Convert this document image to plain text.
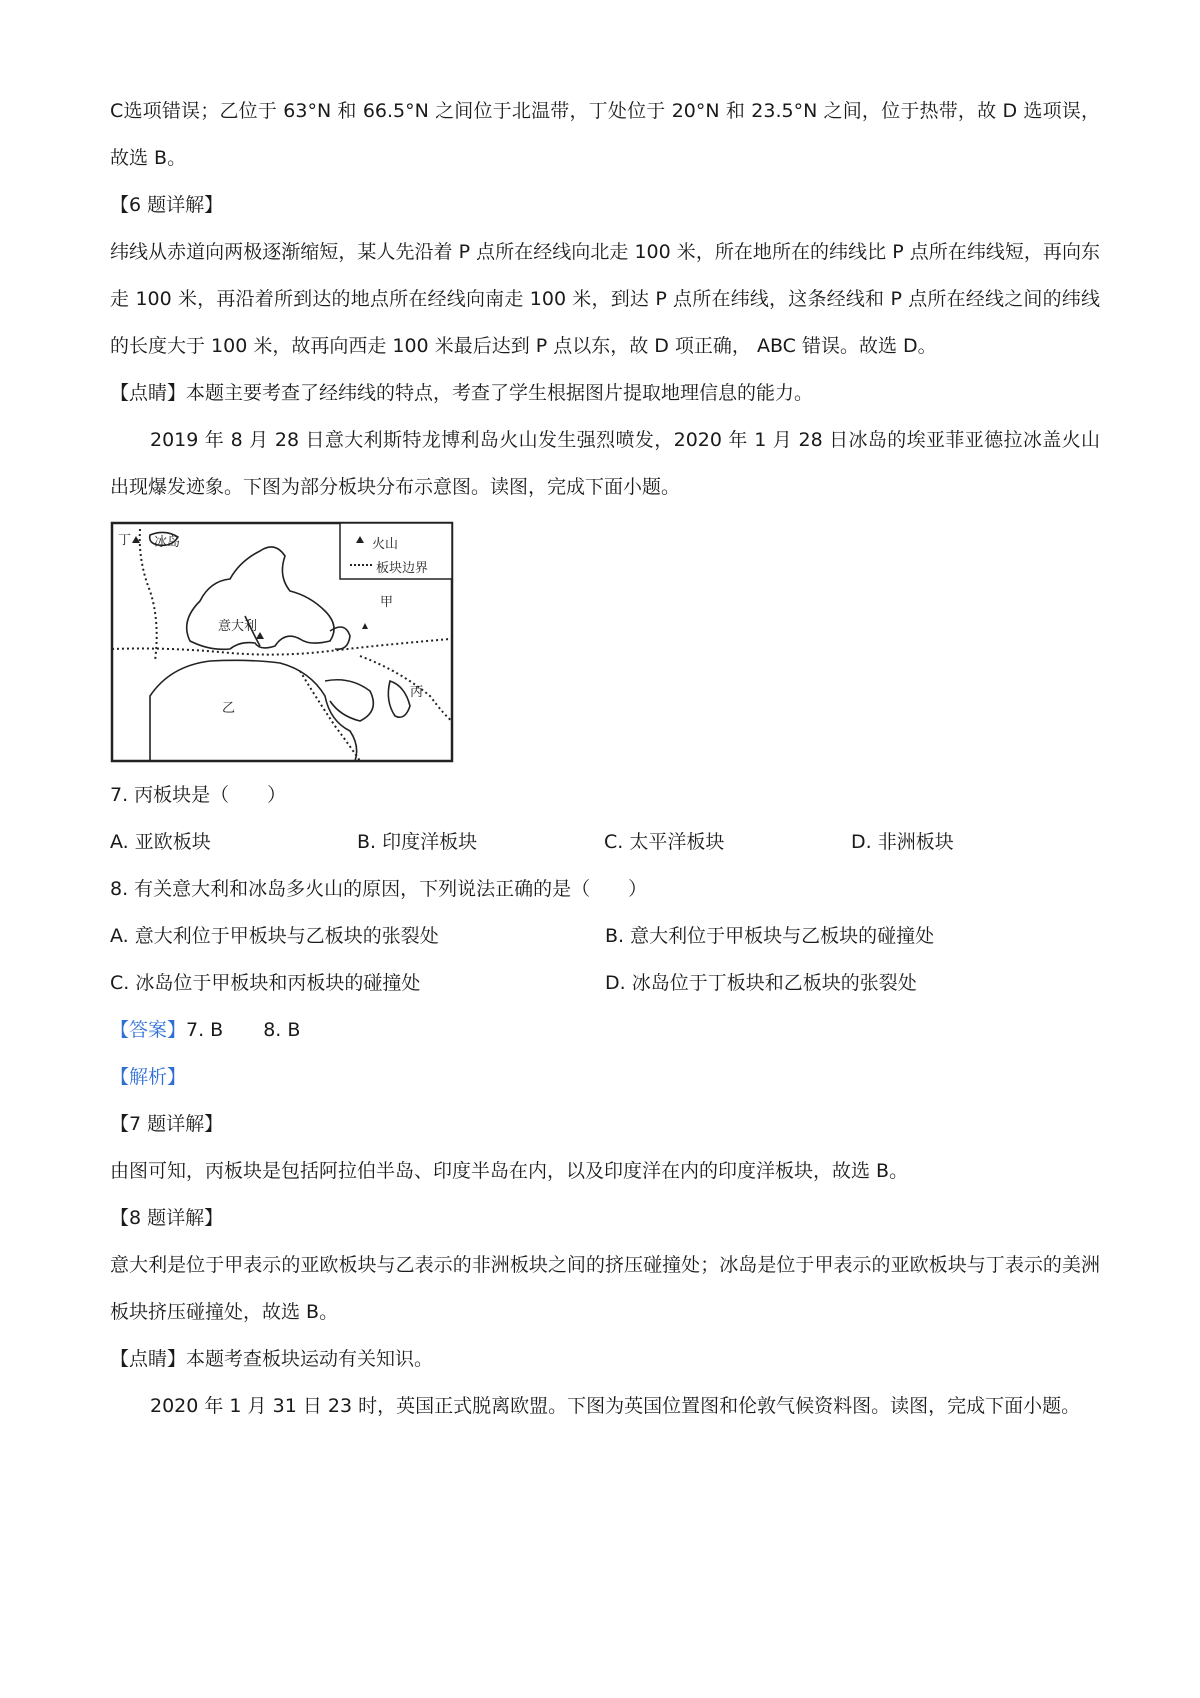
C选项错误；乙位于 63°N 和 66.5°N 之间位于北温带，丁处位于 20°N 和 23.5°N 之间，位于热带，故 D 选项误，故选 B。

【6 题详解】

纬线从赤道向两极逐渐缩短，某人先沿着 P 点所在经线向北走 100 米，所在地所在的纬线比 P 点所在纬线短，再向东走 100 米，再沿着所到达的地点所在经线向南走 100 米，到达 P 点所在纬线，这条经线和 P 点所在经线之间的纬线的长度大于 100 米，故再向西走 100 米最后达到 P 点以东，故 D 项正确， ABC 错误。故选 D。

【点睛】本题主要考查了经纬线的特点，考查了学生根据图片提取地理信息的能力。

2019 年 8 月 28 日意大利斯特龙博利岛火山发生强烈喷发，2020 年 1 月 28 日冰岛的埃亚菲亚德拉冰盖火山出现爆发迹象。下图为部分板块分布示意图。读图，完成下面小题。

火山
板块边界
丁 冰岛
意大利
甲
乙
丙

7. 丙板块是（　　）

A. 亚欧板块	B. 印度洋板块	C. 太平洋板块	D. 非洲板块

8. 有关意大利和冰岛多火山的原因，下列说法正确的是（　　）

A. 意大利位于甲板块与乙板块的张裂处	B. 意大利位于甲板块与乙板块的碰撞处
C. 冰岛位于甲板块和丙板块的碰撞处	D. 冰岛位于丁板块和乙板块的张裂处
【答案】7. B 8. B

【解析】

【7 题详解】

由图可知，丙板块是包括阿拉伯半岛、印度半岛在内，以及印度洋在内的印度洋板块，故选 B。

【8 题详解】

意大利是位于甲表示的亚欧板块与乙表示的非洲板块之间的挤压碰撞处；冰岛是位于甲表示的亚欧板块与丁表示的美洲板块挤压碰撞处，故选 B。

【点睛】本题考查板块运动有关知识。

2020 年 1 月 31 日 23 时，英国正式脱离欧盟。下图为英国位置图和伦敦气候资料图。读图，完成下面小题。
